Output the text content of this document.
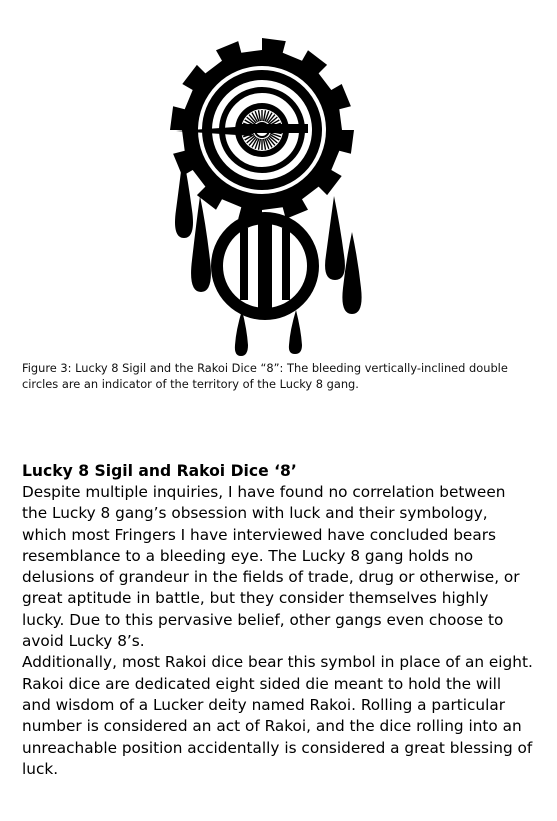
Figure 3: Lucky 8 Sigil and the Rakoi Dice “8”: The bleeding vertically-inclined double circles are an indicator of the territory of the Lucky 8 gang.
Lucky 8 Sigil and Rakoi Dice ‘8’

Despite multiple inquiries, I have found no correlation between the Lucky 8 gang’s obsession with luck and their symbology, which most Fringers I have interviewed have concluded bears resemblance to a bleeding eye. The Lucky 8 gang holds no delusions of grandeur in the fields of trade, drug or otherwise, or great aptitude in battle, but they consider themselves highly lucky. Due to this pervasive belief, other gangs even choose to avoid Lucky 8’s.

Additionally, most Rakoi dice bear this symbol in place of an eight. Rakoi dice are dedicated eight sided die meant to hold the will and wisdom of a Lucker deity named Rakoi. Rolling a particular number is considered an act of Rakoi, and the dice rolling into an unreachable position accidentally is considered a great blessing of luck.
